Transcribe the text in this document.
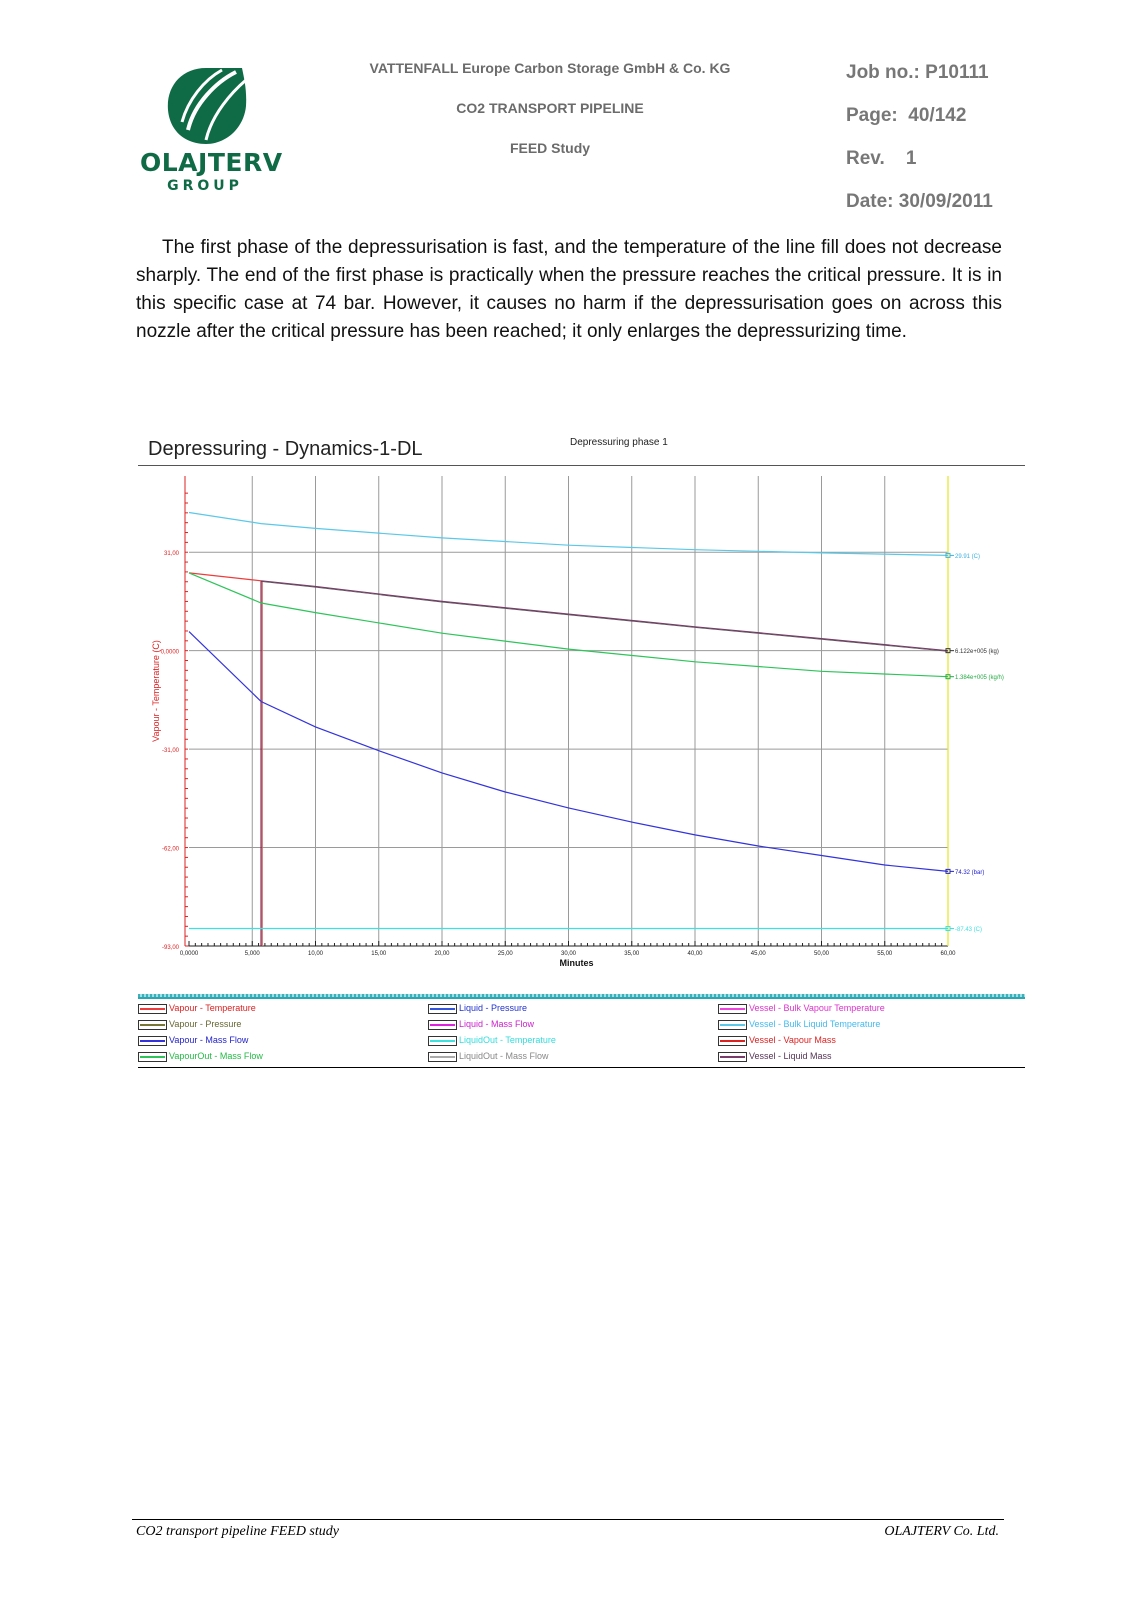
OLAJTERV
GROUP
VATTENFALL Europe Carbon Storage GmbH & Co. KG
CO2 TRANSPORT PIPELINE
FEED Study
Job no.: P10111
Page:  40/142
Rev.    1
Date: 30/09/2011

The first phase of the depressurisation is fast, and the temperature of the line fill does not decrease sharply. The end of the first phase is practically when the pressure reaches the critical pressure. It is in this specific case at 74 bar. However, it causes no harm if the depressurisation goes on across this nozzle after the critical pressure has been reached; it only enlarges the depressurizing time.

Depressuring - Dynamics-1-DL	Depressuring phase 1
31,00
0,0000
-31,00
-62,00
-93,00
0,0000	5,000	10,00	15,00	20,00	25,00	30,00	35,00	40,00	45,00	50,00	55,00	60,00
Minutes
Vapour - Temperature (C)
29.91 (C)
6.122e+005 (kg)
1.384e+005 (kg/h)
74.32 (bar)
-87.43 (C)
Vapour - Temperature	Liquid - Pressure	Vessel - Bulk Vapour Temperature
Vapour - Pressure	Liquid - Mass Flow	Vessel - Bulk Liquid Temperature
Vapour - Mass Flow	LiquidOut - Temperature	Vessel - Vapour Mass
VapourOut - Mass Flow	LiquidOut - Mass Flow	Vessel - Liquid Mass
CO2 transport pipeline FEED study	OLAJTERV Co. Ltd.
